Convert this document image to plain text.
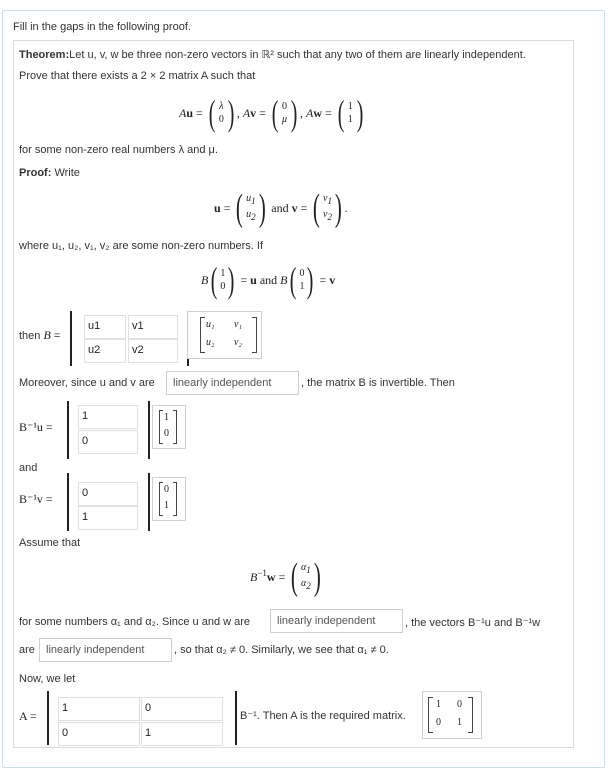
Fill in the gaps in the following proof.
Theorem:Let u, v, w be three non-zero vectors in ℝ² such that any two of them are linearly independent.
Prove that there exists a 2 × 2 matrix A such that
A u = ( λ
0 ) , A v = ( 0
μ ) , A w = ( 1
1 )
for some non-zero real numbers λ and μ.
Proof: Write
u = ( $u_1$
$u_2$ ) and v = ( $v_1$
$v_2$ ) .
where u₁, u₂, v₁, v₂ are some non-zero numbers. If
B ( 1
0 ) = u and B ( 0
1 ) = v
then B =
u1	v1
u2	v2
u₁ v₁
u₂ v₂
Moreover, since u and v are	linearly independent	, the matrix B is invertible. Then
B⁻¹u =
1
0
1
0
and
B⁻¹v =	0
1
0
1
Assume that
$B^{-1}$ w = ( $\alpha_1$
$\alpha_2$ )
for some numbers α₁ and α₂. Since u and w are	linearly independent	, the vectors B⁻¹u and B⁻¹w
are	linearly independent	, so that α₂ ≠ 0. Similarly, we see that α₁ ≠ 0.
Now, we let
A =
1	0
0	1
B⁻¹. Then A is the required matrix.
1 0
0 1
